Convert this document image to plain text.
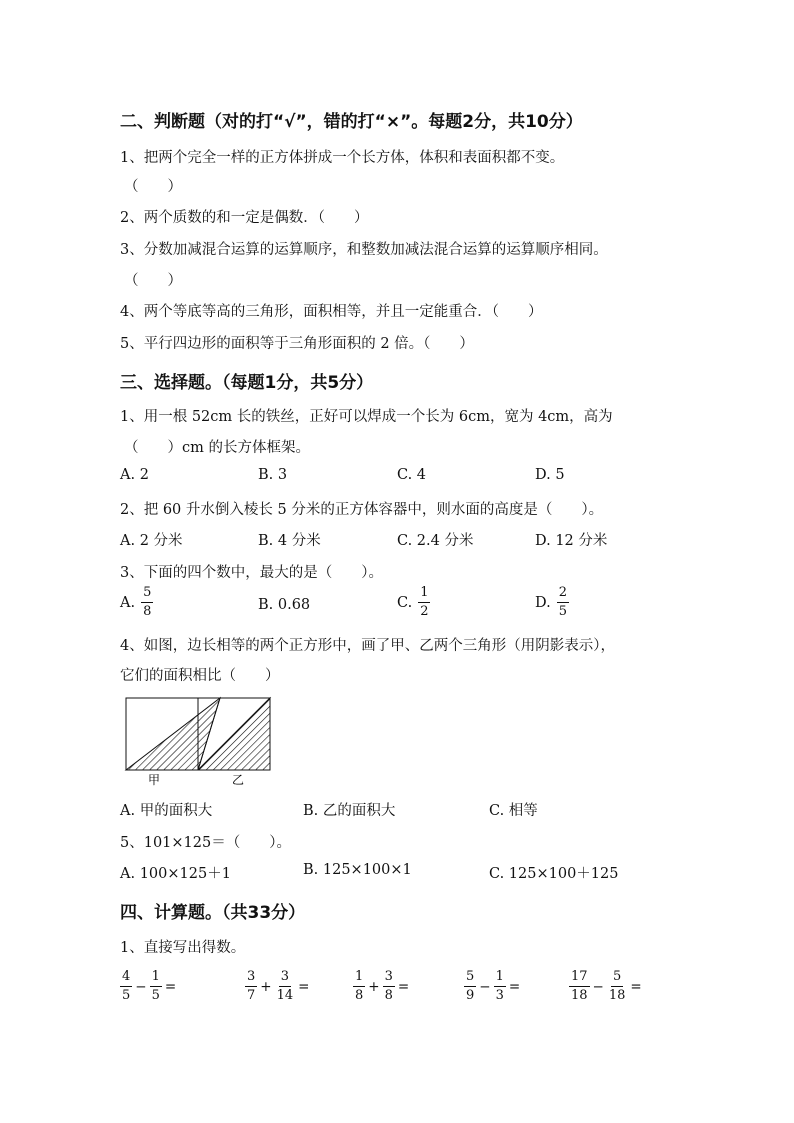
二、判断题（对的打“√”，错的打“×”。每题2分，共10分）
1、把两个完全一样的正方体拼成一个长方体，体积和表面积都不变。
（　　）
2、两个质数的和一定是偶数．（　　）
3、分数加减混合运算的运算顺序，和整数加减法混合运算的运算顺序相同。
（　　）
4、两个等底等高的三角形，面积相等，并且一定能重合．（　　）
5、平行四边形的面积等于三角形面积的 2 倍。（　　）
三、选择题。（每题1分，共5分）
1、用一根 52cm 长的铁丝，正好可以焊成一个长为 6cm，宽为 4cm，高为
（　　）cm 的长方体框架。
A. 2	B. 3	C. 4	D. 5
2、把 60 升水倒入棱长 5 分米的正方体容器中，则水面的高度是（　　）。
A. 2 分米	B. 4 分米	C. 2.4 分米	D. 12 分米
3、下面的四个数中，最大的是（　　）。
A. $\frac{5}{8}$	B. 0.68	C. $\frac{1}{2}$	D. $\frac{2}{5}$
4、如图，边长相等的两个正方形中，画了甲、乙两个三角形（用阴影表示），
它们的面积相比（　　）
甲	乙
A. 甲的面积大	B. 乙的面积大	C. 相等
5、101×125＝（　　）。
A. 100×125＋1	B. 125×100×1	C. 125×100＋125
四、计算题。（共33分）
1、直接写出得数。
$\frac{4}{5} - \frac{1}{5}$ =	$\frac{3}{7} + \frac{3}{14}$ =	$\frac{1}{8} + \frac{3}{8}$ =	$\frac{5}{9} - \frac{1}{3}$ =	$\frac{17}{18} - \frac{5}{18}$ =
